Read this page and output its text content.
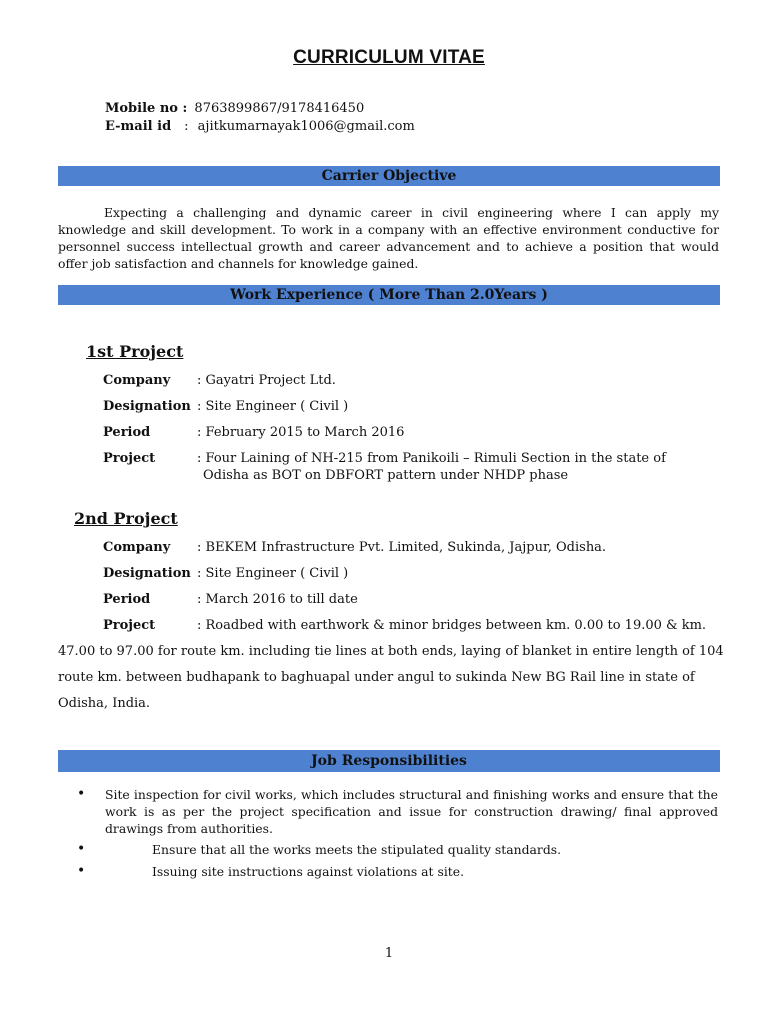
CURRICULUM VITAE
Mobile no : 8763899867/9178416450
E-mail id : ajitkumarnayak1006@gmail.com
Carrier Objective
Expecting a challenging and dynamic career in civil engineering where I can apply my knowledge and skill development. To work in a company with an effective environment conductive for personnel success intellectual growth and career advancement and to achieve a position that would offer job satisfaction and channels for knowledge gained.
Work Experience ( More Than 2.0Years )
1st Project
Company : Gayatri Project Ltd.
Designation : Site Engineer ( Civil )
Period	: February 2015 to March 2016
Project	: Four Laining of NH-215 from Panikoili – Rimuli Section in the state of
Odisha as BOT on DBFORT pattern under NHDP phase
2nd Project
Company : BEKEM Infrastructure Pvt. Limited, Sukinda, Jajpur, Odisha.
Designation : Site Engineer ( Civil )
Period	: March 2016 to till date
Project	: Roadbed with earthwork & minor bridges between km. 0.00 to 19.00 & km.
47.00 to 97.00 for route km. including tie lines at both ends, laying of blanket in entire length of 104
route km. between budhapank to baghuapal under angul to sukinda New BG Rail line in state of
Odisha, India.
Job Responsibilities
• Site inspection for civil works, which includes structural and finishing works and ensure that the work is as per the project specification and issue for construction drawing/ final approved drawings from authorities.
•	Ensure that all the works meets the stipulated quality standards.
•	Issuing site instructions against violations at site.
1
